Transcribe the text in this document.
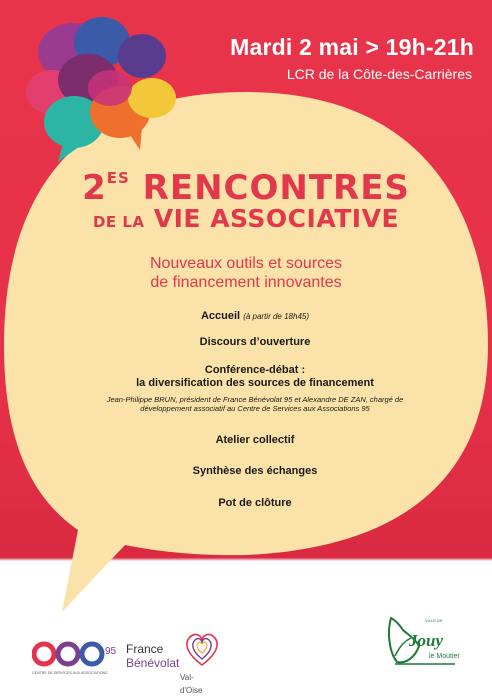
Mardi 2 mai > 19h-21h
LCR de la Côte-des-Carrières
$2^{ES}$ RENCONTRES
DE LA VIE ASSOCIATIVE
Nouveaux outils et sources
de financement innovantes
Accueil (à partir de 18h45)
Discours d’ouverture
Conférence-débat :
la diversification des sources de financement
Jean-Philippe BRUN, président de France Bénévolat 95 et Alexandre DE ZAN, chargé de
développement associatif au Centre de Services aux Associations 95
Atelier collectif
Synthèse des échanges
Pot de clôture
95
CENTRE DE SERVICES AUX ASSOCIATIONS
France
Bénévolat
Val-d'Oise
VILLE DE
Jouy
le Moutier
